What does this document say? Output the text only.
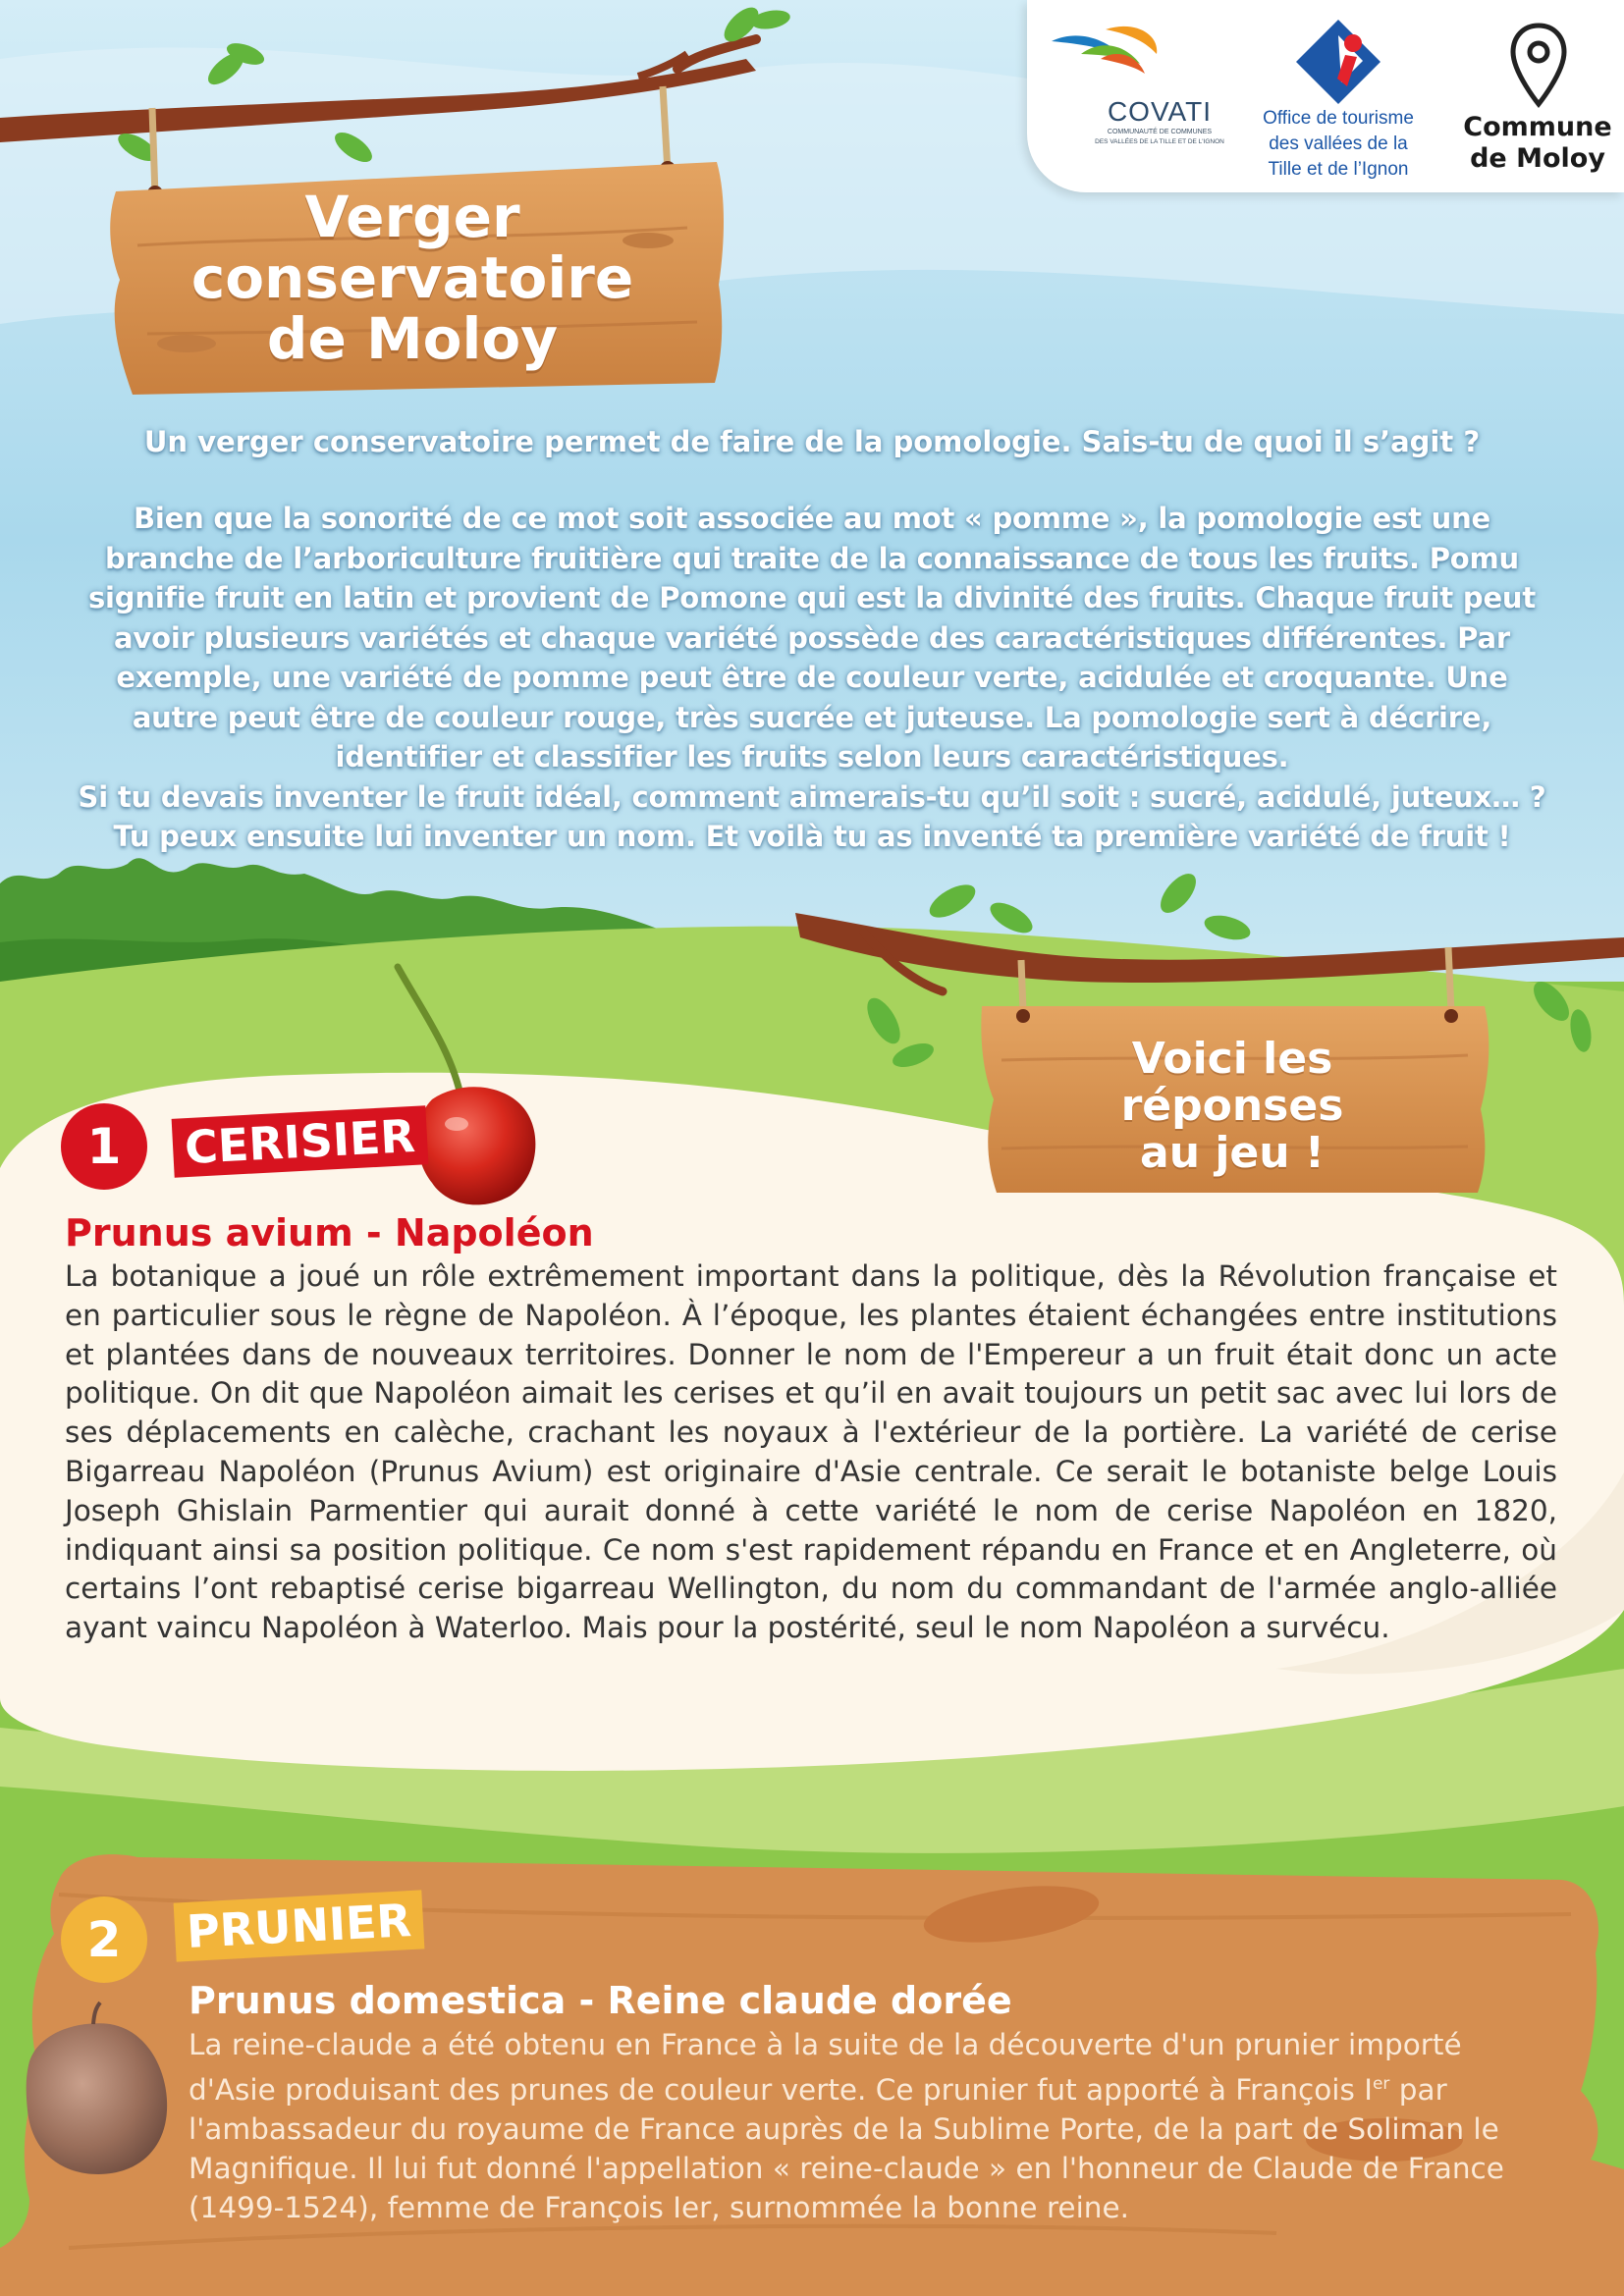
COVATI
COMMUNAUTÉ DE COMMUNES
DES VALLÉES DE LA TILLE ET DE L'IGNON
Office de tourisme
des vallées de la
Tille et de l’Ignon
Commune
de Moloy
Verger
conservatoire
de Moloy
Un verger conservatoire permet de faire de la pomologie. Sais-tu de quoi il s’agit ?
Bien que la sonorité de ce mot soit associée au mot « pomme », la pomologie est une
branche de l’arboriculture fruitière qui traite de la connaissance de tous les fruits. Pomu
signifie fruit en latin et provient de Pomone qui est la divinité des fruits. Chaque fruit peut
avoir plusieurs variétés et chaque variété possède des caractéristiques différentes. Par
exemple, une variété de pomme peut être de couleur verte, acidulée et croquante. Une
autre peut être de couleur rouge, très sucrée et juteuse. La pomologie sert à décrire,
identifier et classifier les fruits selon leurs caractéristiques.
Si tu devais inventer le fruit idéal, comment aimerais-tu qu’il soit : sucré, acidulé, juteux… ?
Tu peux ensuite lui inventer un nom. Et voilà tu as inventé ta première variété de fruit !
Voici les
réponses
au jeu !
1	CERISIER
Prunus avium - Napoléon
La botanique a joué un rôle extrêmement important dans la politique, dès la Révolution française et en particulier sous le règne de Napoléon. À l’époque, les plantes étaient échangées entre institutions et plantées dans de nouveaux territoires. Donner le nom de l'Empereur a un fruit était donc un acte politique. On dit que Napoléon aimait les cerises et qu’il en avait toujours un petit sac avec lui lors de ses déplacements en calèche, crachant les noyaux à l'extérieur de la portière. La variété de cerise Bigarreau Napoléon (Prunus Avium) est originaire d'Asie centrale. Ce serait le botaniste belge Louis Joseph Ghislain Parmentier qui aurait donné à cette variété le nom de cerise Napoléon en 1820, indiquant ainsi sa position politique. Ce nom s'est rapidement répandu en France et en Angleterre, où certains l’ont rebaptisé cerise bigarreau Wellington, du nom du commandant de l'armée anglo-alliée ayant vaincu Napoléon à Waterloo. Mais pour la postérité, seul le nom Napoléon a survécu.
2	PRUNIER
Prunus domestica - Reine claude dorée
La reine-claude a été obtenu en France à la suite de la découverte d'un prunier importé d'Asie produisant des prunes de couleur verte. Ce prunier fut apporté à François Ier par l'ambassadeur du royaume de France auprès de la Sublime Porte, de la part de Soliman le Magnifique. Il lui fut donné l'appellation « reine-claude » en l'honneur de Claude de France (1499-1524), femme de François Ier, surnommée la bonne reine.
